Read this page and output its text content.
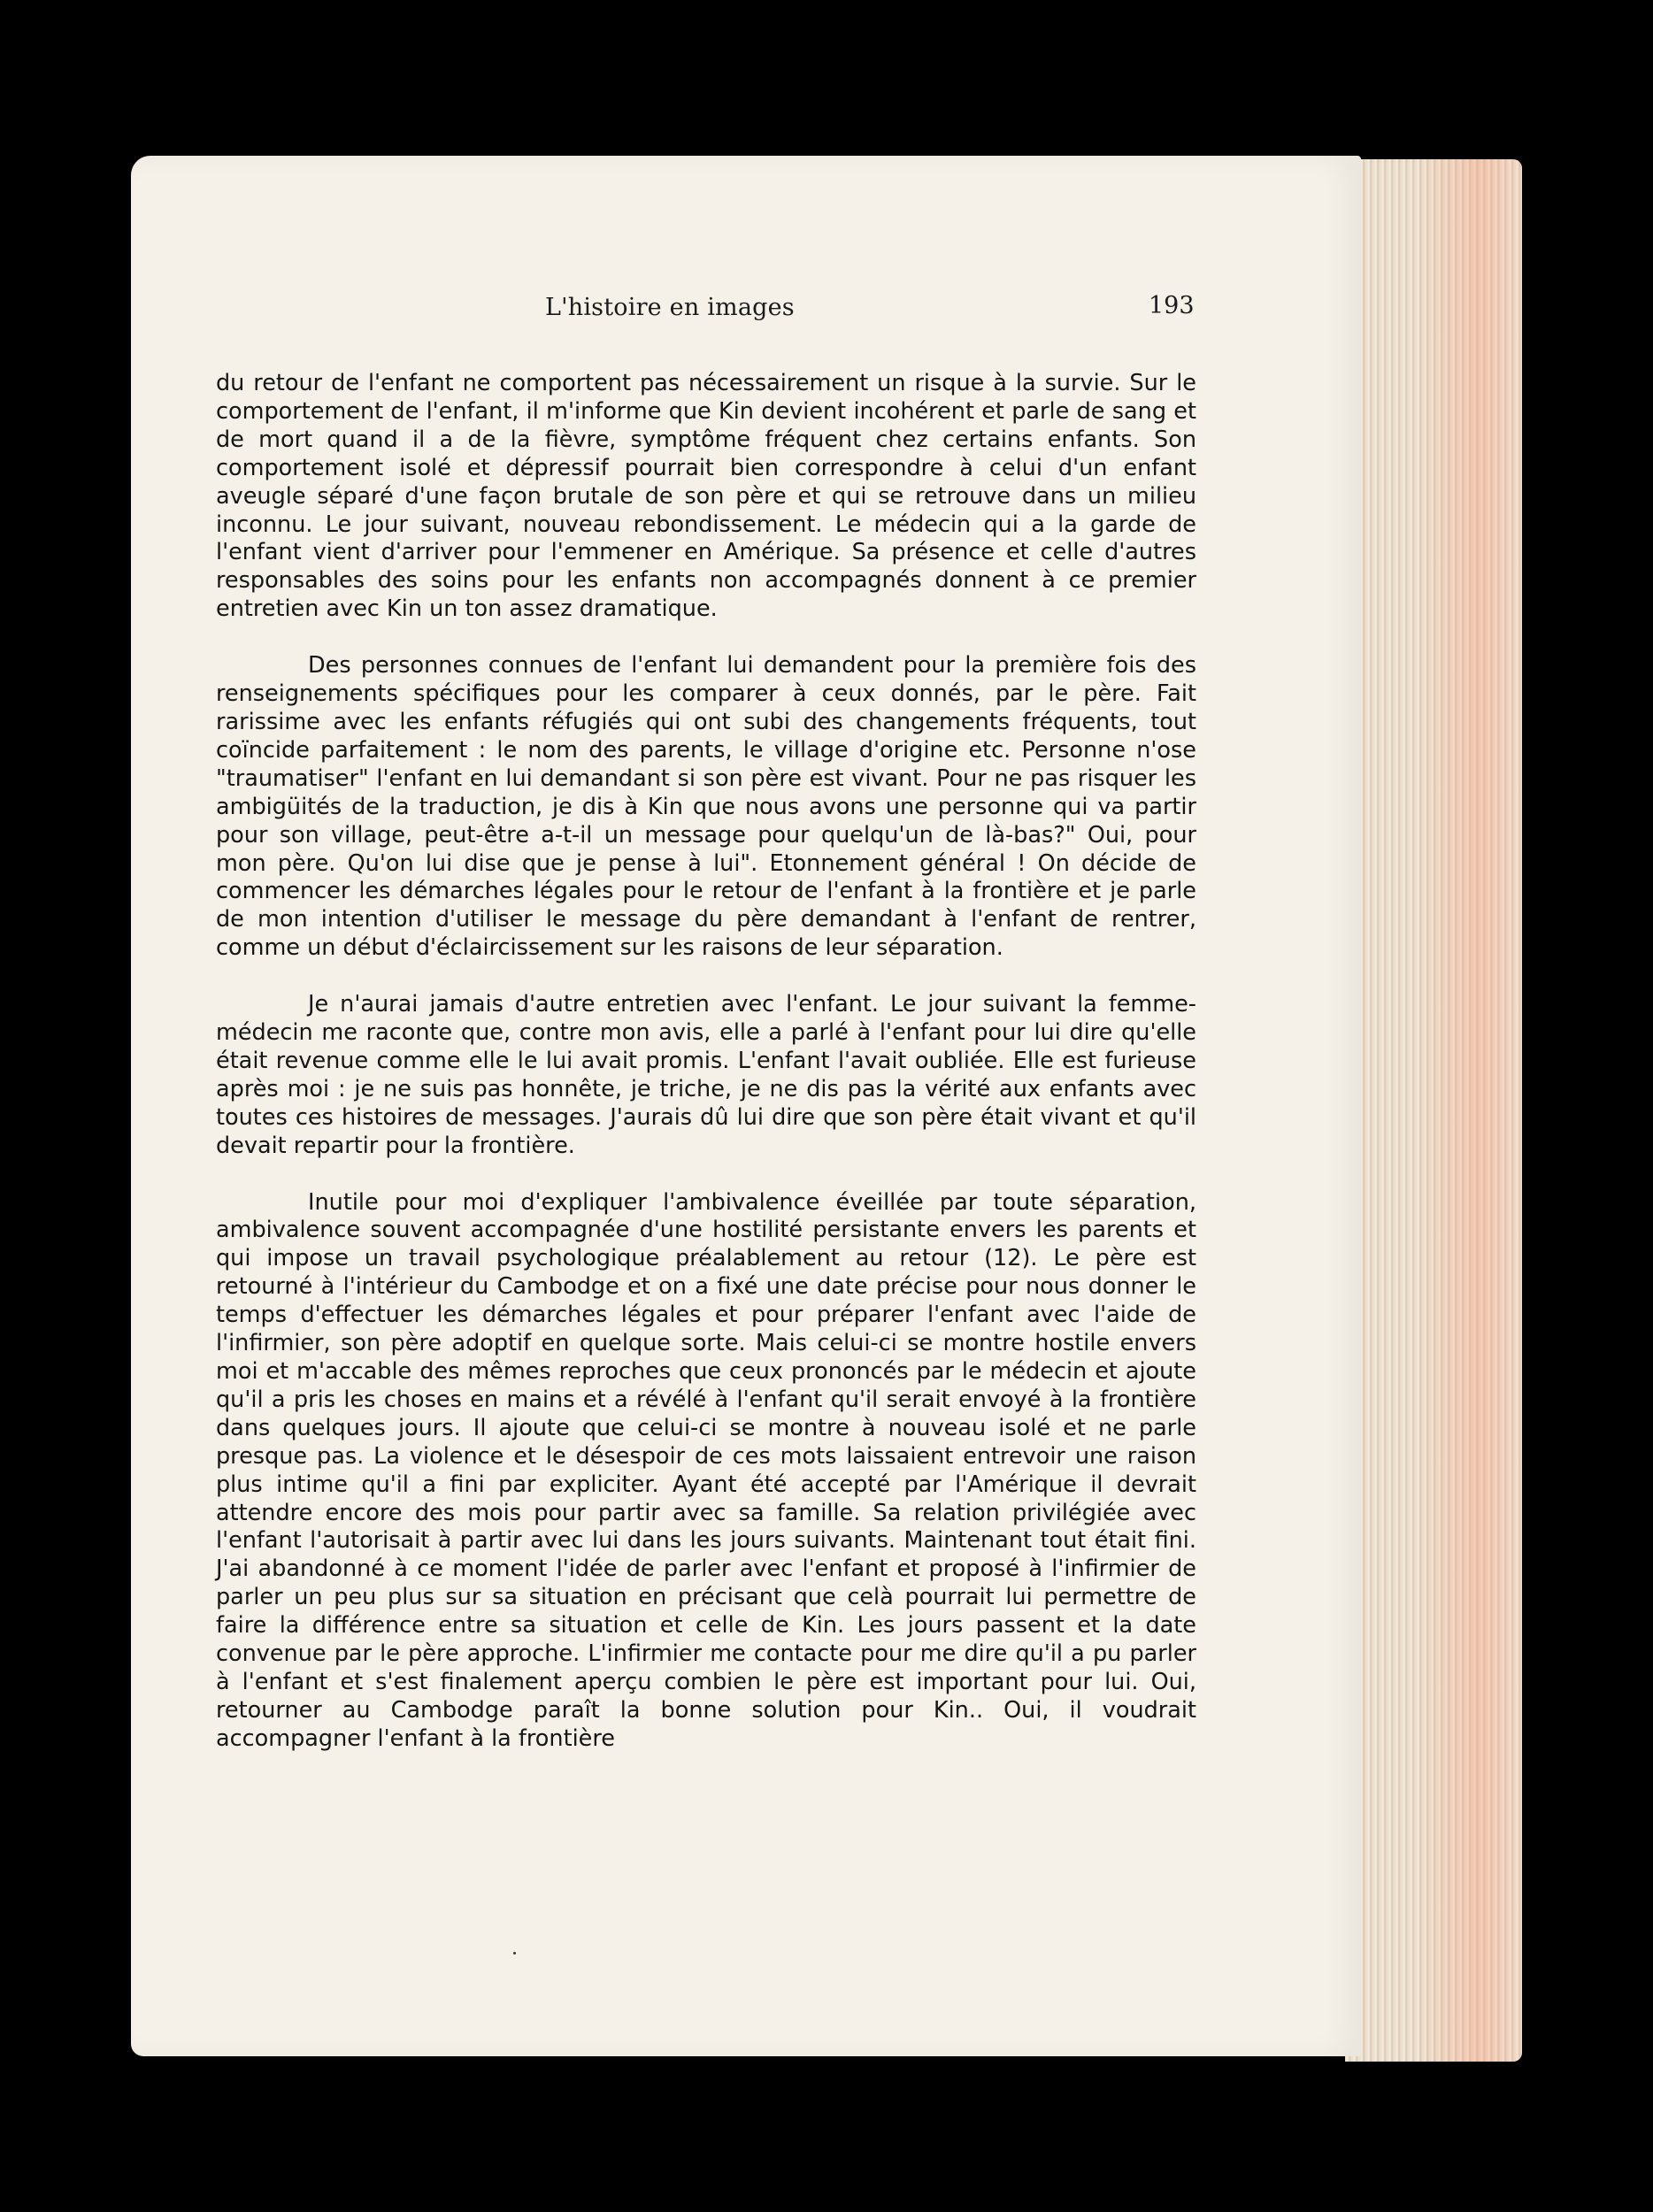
L'histoire en images	193

du retour de l'enfant ne comportent pas nécessairement un risque à la survie. Sur le comportement de l'enfant, il m'informe que Kin devient incohérent et parle de sang et de mort quand il a de la fièvre, symptôme fréquent chez certains enfants. Son comportement isolé et dépressif pourrait bien correspondre à celui d'un enfant aveugle séparé d'une façon brutale de son père et qui se retrouve dans un milieu inconnu. Le jour suivant, nouveau rebondissement. Le médecin qui a la garde de l'enfant vient d'arriver pour l'emmener en Amérique. Sa présence et celle d'autres responsables des soins pour les enfants non accompagnés donnent à ce premier entretien avec Kin un ton assez dramatique.

Des personnes connues de l'enfant lui demandent pour la première fois des renseignements spécifiques pour les comparer à ceux donnés, par le père. Fait rarissime avec les enfants réfugiés qui ont subi des changements fréquents, tout coïncide parfaitement : le nom des parents, le village d'origine etc. Personne n'ose "traumatiser" l'enfant en lui demandant si son père est vivant. Pour ne pas risquer les ambigüités de la traduction, je dis à Kin que nous avons une personne qui va partir pour son village, peut-être a-t-il un message pour quelqu'un de là-bas?" Oui, pour mon père. Qu'on lui dise que je pense à lui". Etonnement général ! On décide de commencer les démarches légales pour le retour de l'enfant à la frontière et je parle de mon intention d'utiliser le message du père demandant à l'enfant de rentrer, comme un début d'éclaircissement sur les raisons de leur séparation.

Je n'aurai jamais d'autre entretien avec l'enfant. Le jour suivant la femme-médecin me raconte que, contre mon avis, elle a parlé à l'enfant pour lui dire qu'elle était revenue comme elle le lui avait promis. L'enfant l'avait oubliée. Elle est furieuse après moi : je ne suis pas honnête, je triche, je ne dis pas la vérité aux enfants avec toutes ces histoires de messages. J'aurais dû lui dire que son père était vivant et qu'il devait repartir pour la frontière.

Inutile pour moi d'expliquer l'ambivalence éveillée par toute séparation, ambivalence souvent accompagnée d'une hostilité persistante envers les parents et qui impose un travail psychologique préalablement au retour (12). Le père est retourné à l'intérieur du Cambodge et on a fixé une date précise pour nous donner le temps d'effectuer les démarches légales et pour préparer l'enfant avec l'aide de l'infirmier, son père adoptif en quelque sorte. Mais celui-ci se montre hostile envers moi et m'accable des mêmes reproches que ceux prononcés par le médecin et ajoute qu'il a pris les choses en mains et a révélé à l'enfant qu'il serait envoyé à la frontière dans quelques jours. Il ajoute que celui-ci se montre à nouveau isolé et ne parle presque pas. La violence et le désespoir de ces mots laissaient entrevoir une raison plus intime qu'il a fini par expliciter. Ayant été accepté par l'Amérique il devrait attendre encore des mois pour partir avec sa famille. Sa relation privilégiée avec l'enfant l'autorisait à partir avec lui dans les jours suivants. Maintenant tout était fini. J'ai abandonné à ce moment l'idée de parler avec l'enfant et proposé à l'infirmier de parler un peu plus sur sa situation en précisant que celà pourrait lui permettre de faire la différence entre sa situation et celle de Kin. Les jours passent et la date convenue par le père approche. L'infirmier me contacte pour me dire qu'il a pu parler à l'enfant et s'est finalement aperçu combien le père est important pour lui. Oui, retourner au Cambodge paraît la bonne solution pour Kin.. Oui, il voudrait accompagner l'enfant à la frontière
